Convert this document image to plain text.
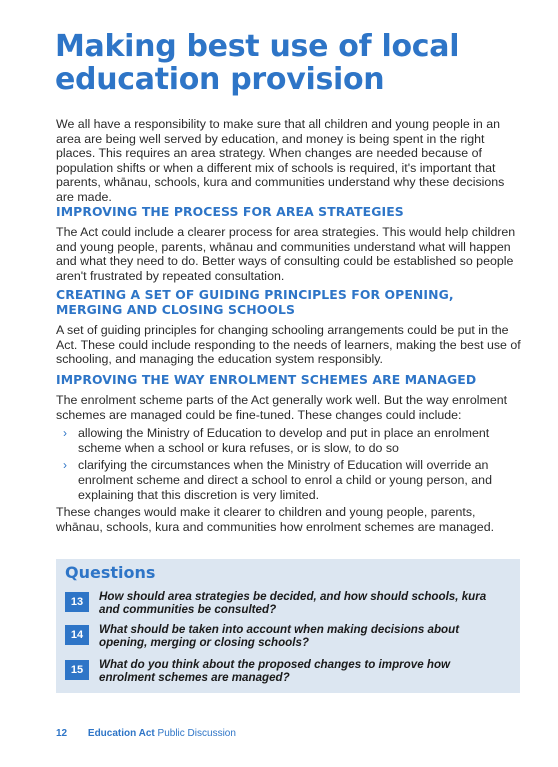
Making best use of local education provision

We all have a responsibility to make sure that all children and young people in an area are being well served by education, and money is being spent in the right places. This requires an area strategy. When changes are needed because of population shifts or when a different mix of schools is required, it's important that parents, whānau, schools, kura and communities understand why these decisions are made.

IMPROVING THE PROCESS FOR AREA STRATEGIES

The Act could include a clearer process for area strategies. This would help children and young people, parents, whānau and communities understand what will happen and what they need to do. Better ways of consulting could be established so people aren't frustrated by repeated consultation.

CREATING A SET OF GUIDING PRINCIPLES FOR OPENING, MERGING AND CLOSING SCHOOLS

A set of guiding principles for changing schooling arrangements could be put in the Act. These could include responding to the needs of learners, making the best use of schooling, and managing the education system responsibly.

IMPROVING THE WAY ENROLMENT SCHEMES ARE MANAGED

The enrolment scheme parts of the Act generally work well. But the way enrolment schemes are managed could be fine-tuned. These changes could include:

› allowing the Ministry of Education to develop and put in place an enrolment scheme when a school or kura refuses, or is slow, to do so
› clarifying the circumstances when the Ministry of Education will override an enrolment scheme and direct a school to enrol a child or young person, and explaining that this discretion is very limited.

These changes would make it clearer to children and young people, parents, whānau, schools, kura and communities how enrolment schemes are managed.

Questions
13	How should area strategies be decided, and how should schools, kura and communities be consulted?
14	What should be taken into account when making decisions about opening, merging or closing schools?
15	What do you think about the proposed changes to improve how enrolment schemes are managed?
12 Education Act Public Discussion
